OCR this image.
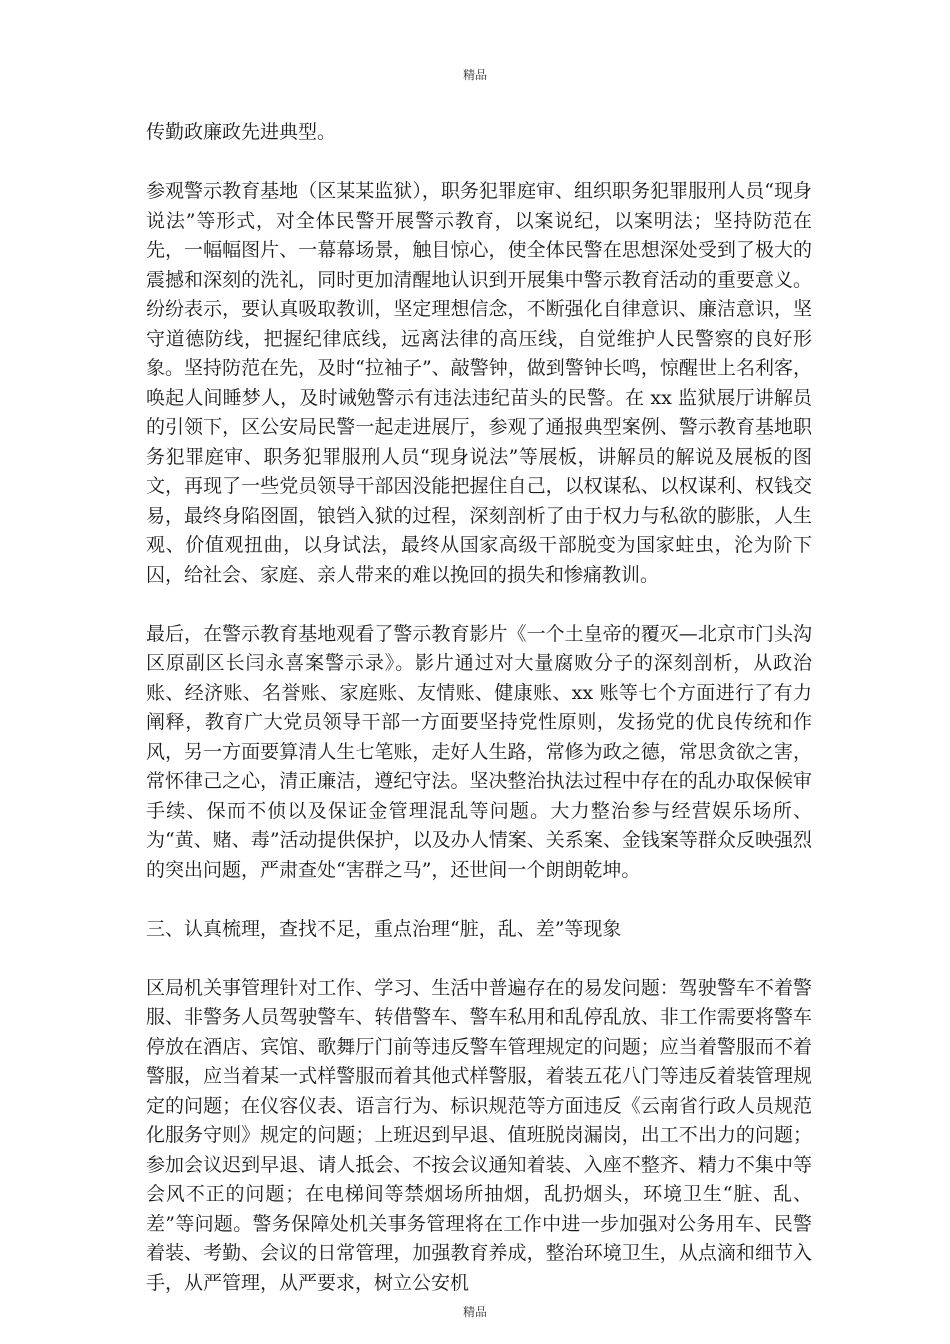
精品

传勤政廉政先进典型。

参观警示教育基地（区某某监狱），职务犯罪庭审、组织职务犯罪服刑人员“现身说法”等形式，对全体民警开展警示教育，以案说纪，以案明法；坚持防范在先，一幅幅图片、一幕幕场景，触目惊心，使全体民警在思想深处受到了极大的震撼和深刻的洗礼，同时更加清醒地认识到开展集中警示教育活动的重要意义。纷纷表示，要认真吸取教训，坚定理想信念，不断强化自律意识、廉洁意识，坚守道德防线，把握纪律底线，远离法律的高压线，自觉维护人民警察的良好形象。坚持防范在先，及时“拉袖子”、敲警钟，做到警钟长鸣，惊醒世上名利客，唤起人间睡梦人，及时诫勉警示有违法违纪苗头的民警。在 xx 监狱展厅讲解员的引领下，区公安局民警一起走进展厅，参观了通报典型案例、警示教育基地职务犯罪庭审、职务犯罪服刑人员“现身说法”等展板，讲解员的解说及展板的图文，再现了一些党员领导干部因没能把握住自己，以权谋私、以权谋利、权钱交易，最终身陷囹圄，锒铛入狱的过程，深刻剖析了由于权力与私欲的膨胀，人生观、价值观扭曲，以身试法，最终从国家高级干部脱变为国家蛀虫，沦为阶下囚，给社会、家庭、亲人带来的难以挽回的损失和惨痛教训。

最后，在警示教育基地观看了警示教育影片《一个土皇帝的覆灭—北京市门头沟区原副区长闫永喜案警示录》。影片通过对大量腐败分子的深刻剖析，从政治账、经济账、名誉账、家庭账、友情账、健康账、xx 账等七个方面进行了有力阐释，教育广大党员领导干部一方面要坚持党性原则，发扬党的优良传统和作风，另一方面要算清人生七笔账，走好人生路，常修为政之德，常思贪欲之害，常怀律己之心，清正廉洁，遵纪守法。坚决整治执法过程中存在的乱办取保候审手续、保而不侦以及保证金管理混乱等问题。大力整治参与经营娱乐场所、为“黄、赌、毒”活动提供保护，以及办人情案、关系案、金钱案等群众反映强烈的突出问题，严肃查处“害群之马”，还世间一个朗朗乾坤。

三、认真梳理，查找不足，重点治理“脏，乱、差”等现象

区局机关事管理针对工作、学习、生活中普遍存在的易发问题：驾驶警车不着警服、非警务人员驾驶警车、转借警车、警车私用和乱停乱放、非工作需要将警车停放在酒店、宾馆、歌舞厅门前等违反警车管理规定的问题；应当着警服而不着警服，应当着某一式样警服而着其他式样警服，着装五花八门等违反着装管理规定的问题；在仪容仪表、语言行为、标识规范等方面违反《云南省行政人员规范化服务守则》规定的问题；上班迟到早退、值班脱岗漏岗，出工不出力的问题；参加会议迟到早退、请人抵会、不按会议通知着装、入座不整齐、精力不集中等会风不正的问题；在电梯间等禁烟场所抽烟，乱扔烟头，环境卫生“脏、乱、差”等问题。警务保障处机关事务管理将在工作中进一步加强对公务用车、民警着装、考勤、会议的日常管理，加强教育养成，整治环境卫生，从点滴和细节入手，从严管理，从严要求，树立公安机

精品
